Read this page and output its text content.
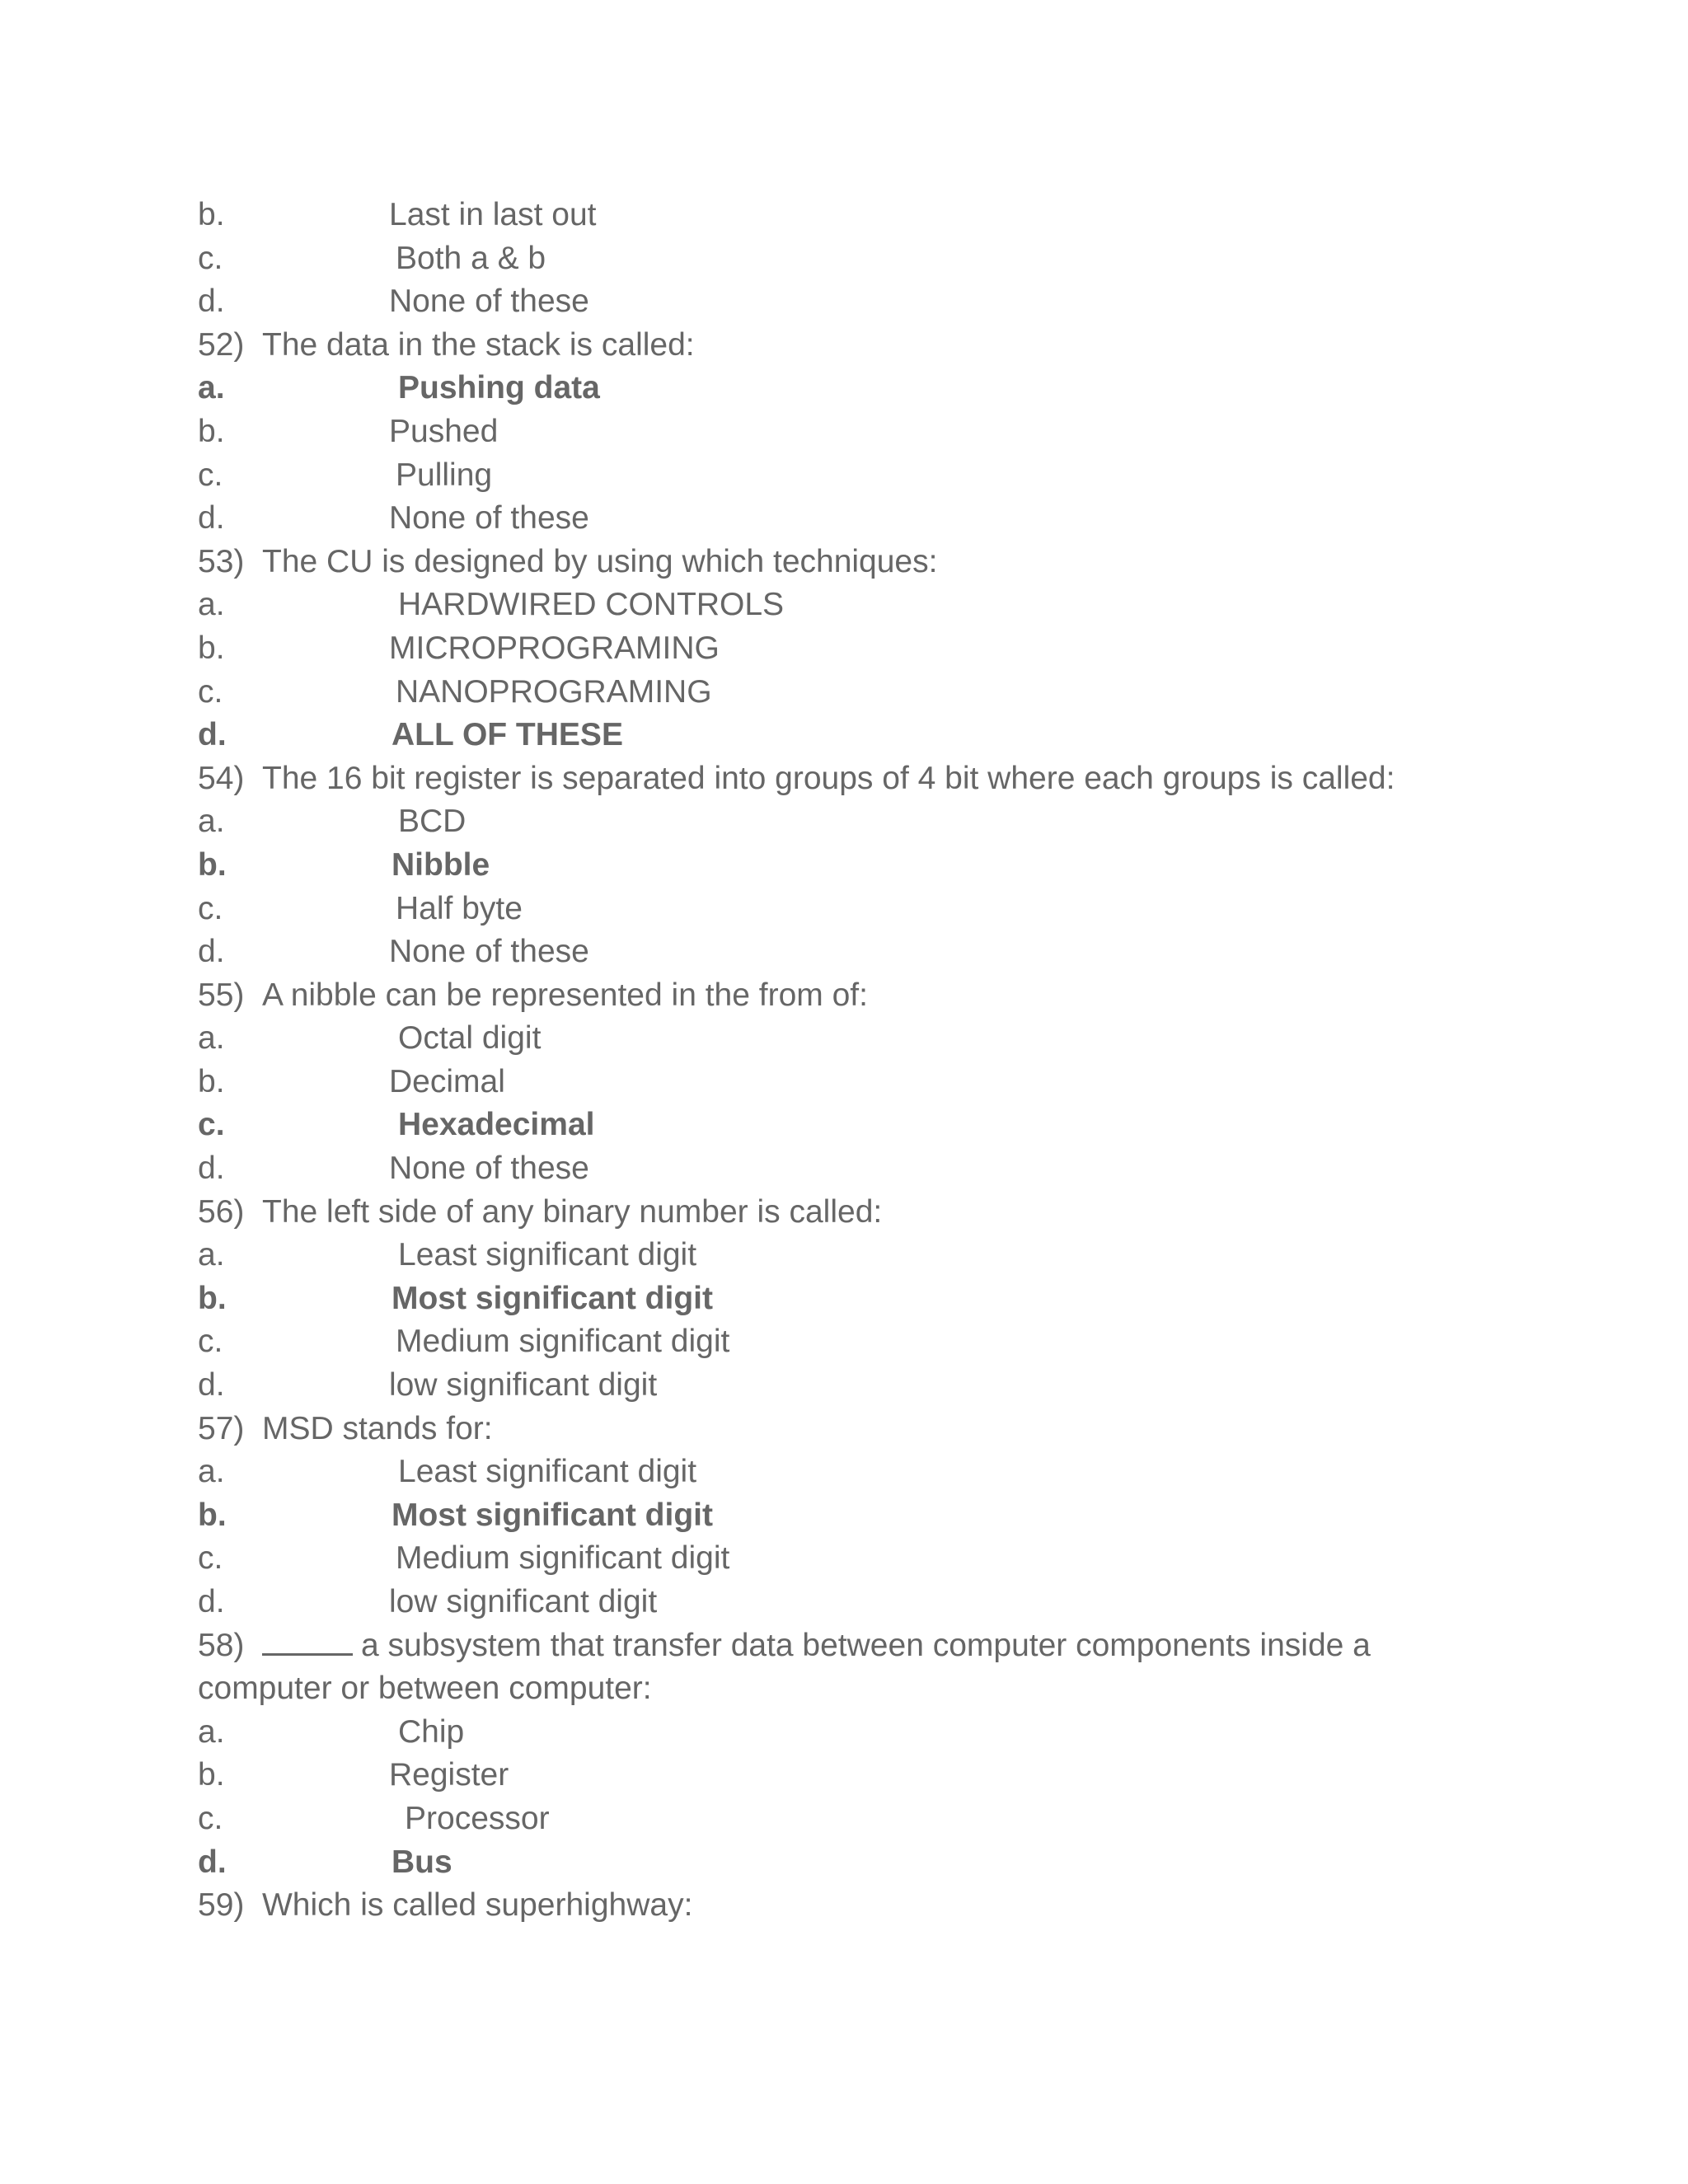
b.	Last in last out
c.	Both a & b
d.	None of these
52) The data in the stack is called:
a.	Pushing data
b.	Pushed
c.	Pulling
d.	None of these
53) The CU is designed by using which techniques:
a.	HARDWIRED CONTROLS
b.	MICROPROGRAMING
c.	NANOPROGRAMING
d.	ALL OF THESE
54) The 16 bit register is separated into groups of 4 bit where each groups is called:
a.	BCD
b.	Nibble
c.	Half byte
d.	None of these
55) A nibble can be represented in the from of:
a.	Octal digit
b.	Decimal
c.	Hexadecimal
d.	None of these
56) The left side of any binary number is called:
a.	Least significant digit
b.	Most significant digit
c.	Medium significant digit
d.	low significant digit
57) MSD stands for:
a.	Least significant digit
b.	Most significant digit
c.	Medium significant digit
d.	low significant digit
58)	a subsystem that transfer data between computer components inside a
computer or between computer:
a.	Chip
b.	Register
c.	Processor
d.	Bus
59) Which is called superhighway:
